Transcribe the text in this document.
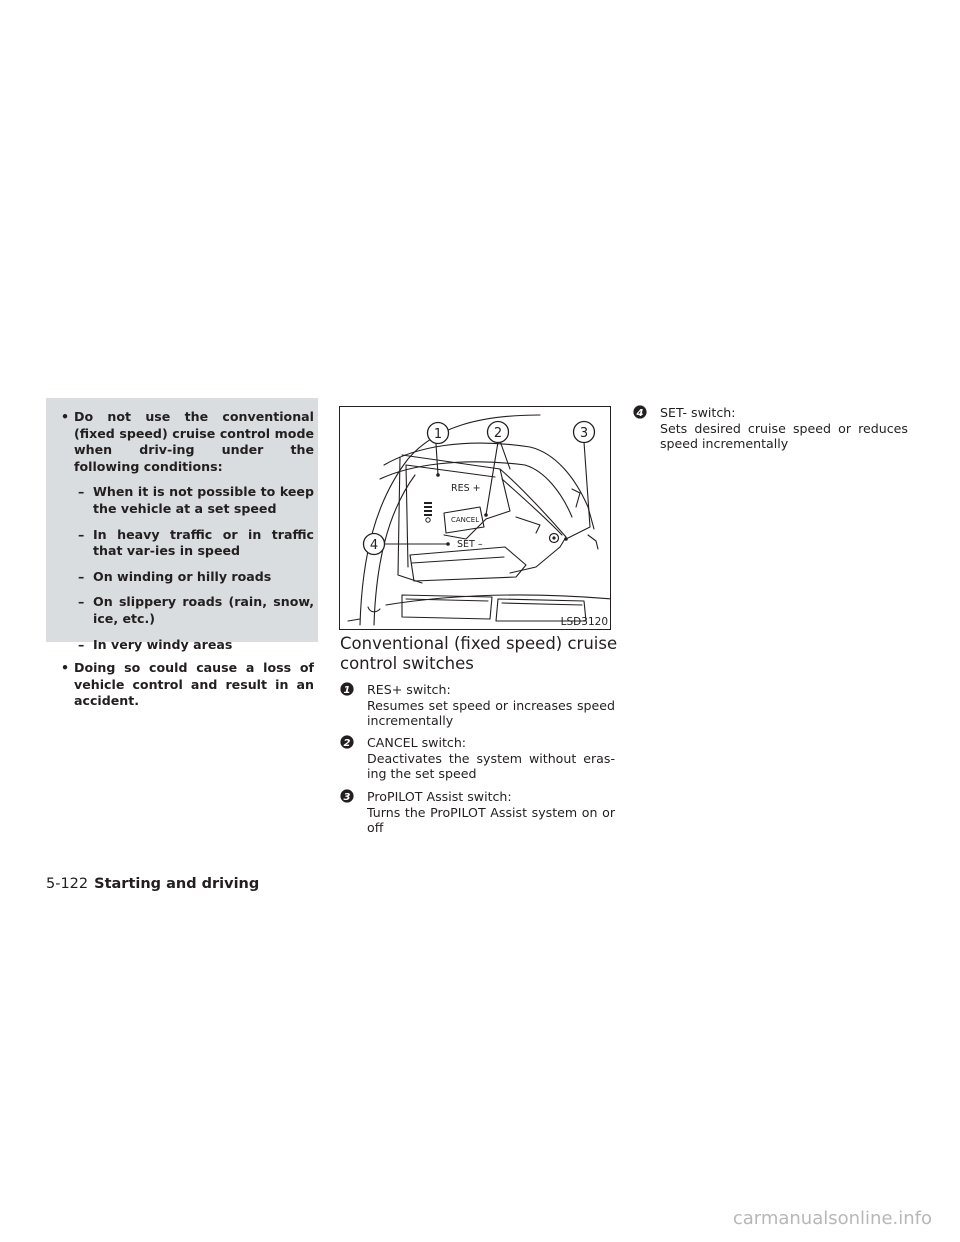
• Do not use the conventional (fixed speed) cruise control mode when driv-ing under the following conditions:

– When it is not possible to keep the vehicle at a set speed

– In heavy traffic or in traffic that var-ies in speed

– On winding or hilly roads

– On slippery roads (rain, snow, ice, etc.)

– In very windy areas

• Doing so could cause a loss of vehicle control and result in an accident.

1	2	3
4
RES +
CANCEL
SET –
LSD3120
Conventional (fixed speed) cruise control switches
1 RES+ switch:
Resumes set speed or increases speed incrementally
2 CANCEL switch:
Deactivates the system without eras-ing the set speed
3 ProPILOT Assist switch:
Turns the ProPILOT Assist system on or off
4 SET- switch:
Sets desired cruise speed or reduces speed incrementally
5-122 Starting and driving
carmanualsonline.info
